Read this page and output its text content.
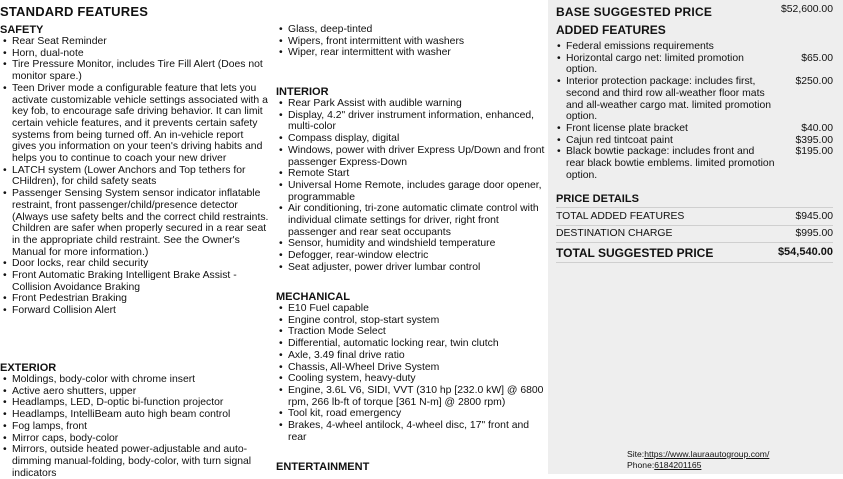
STANDARD FEATURES
SAFETY
• Rear Seat Reminder
• Horn, dual-note
• Tire Pressure Monitor, includes Tire Fill Alert (Does not monitor spare.)
• Teen Driver mode a configurable feature that lets you activate customizable vehicle settings associated with a key fob, to encourage safe driving behavior. It can limit certain vehicle features, and it prevents certain safety systems from being turned off. An in-vehicle report gives you information on your teen's driving habits and helps you to continue to coach your new driver
• LATCH system (Lower Anchors and Top tethers for CHildren), for child safety seats
• Passenger Sensing System sensor indicator inflatable restraint, front passenger/child/presence detector (Always use safety belts and the correct child restraints. Children are safer when properly secured in a rear seat in the appropriate child restraint. See the Owner's Manual for more information.)
• Door locks, rear child security
• Front Automatic Braking Intelligent Brake Assist - Collision Avoidance Braking
• Front Pedestrian Braking
• Forward Collision Alert
EXTERIOR
• Moldings, body-color with chrome insert
• Active aero shutters, upper
• Headlamps, LED, D-optic bi-function projector
• Headlamps, IntelliBeam auto high beam control
• Fog lamps, front
• Mirror caps, body-color
• Mirrors, outside heated power-adjustable and auto-dimming manual-folding, body-color, with turn signal indicators
• Glass, deep-tinted
• Wipers, front intermittent with washers
• Wiper, rear intermittent with washer
INTERIOR
• Rear Park Assist with audible warning
• Display, 4.2" driver instrument information, enhanced, multi-color
• Compass display, digital
• Windows, power with driver Express Up/Down and front passenger Express-Down
• Remote Start
• Universal Home Remote, includes garage door opener, programmable
• Air conditioning, tri-zone automatic climate control with individual climate settings for driver, right front passenger and rear seat occupants
• Sensor, humidity and windshield temperature
• Defogger, rear-window electric
• Seat adjuster, power driver lumbar control
MECHANICAL
• E10 Fuel capable
• Engine control, stop-start system
• Traction Mode Select
• Differential, automatic locking rear, twin clutch
• Axle, 3.49 final drive ratio
• Chassis, All-Wheel Drive System
• Cooling system, heavy-duty
• Engine, 3.6L V6, SIDI, VVT (310 hp [232.0 kW] @ 6800 rpm, 266 lb-ft of torque [361 N-m] @ 2800 rpm)
• Tool kit, road emergency
• Brakes, 4-wheel antilock, 4-wheel disc, 17" front and rear
ENTERTAINMENT
BASE SUGGESTED PRICE	$52,600.00
ADDED FEATURES
• Federal emissions requirements
• Horizontal cargo net: limited promotion option.
$65.00
• Interior protection package: includes first, second and third row all-weather floor mats and all-weather cargo mat. limited promotion option.
$250.00
• Front license plate bracket	$40.00
• Cajun red tintcoat paint	$395.00
• Black bowtie package: includes front and rear black bowtie emblems. limited promotion option.
$195.00
PRICE DETAILS
TOTAL ADDED FEATURES	$945.00
DESTINATION CHARGE	$995.00
TOTAL SUGGESTED PRICE	$54,540.00
Site:https://www.lauraautogroup.com/
Phone:6184201165
